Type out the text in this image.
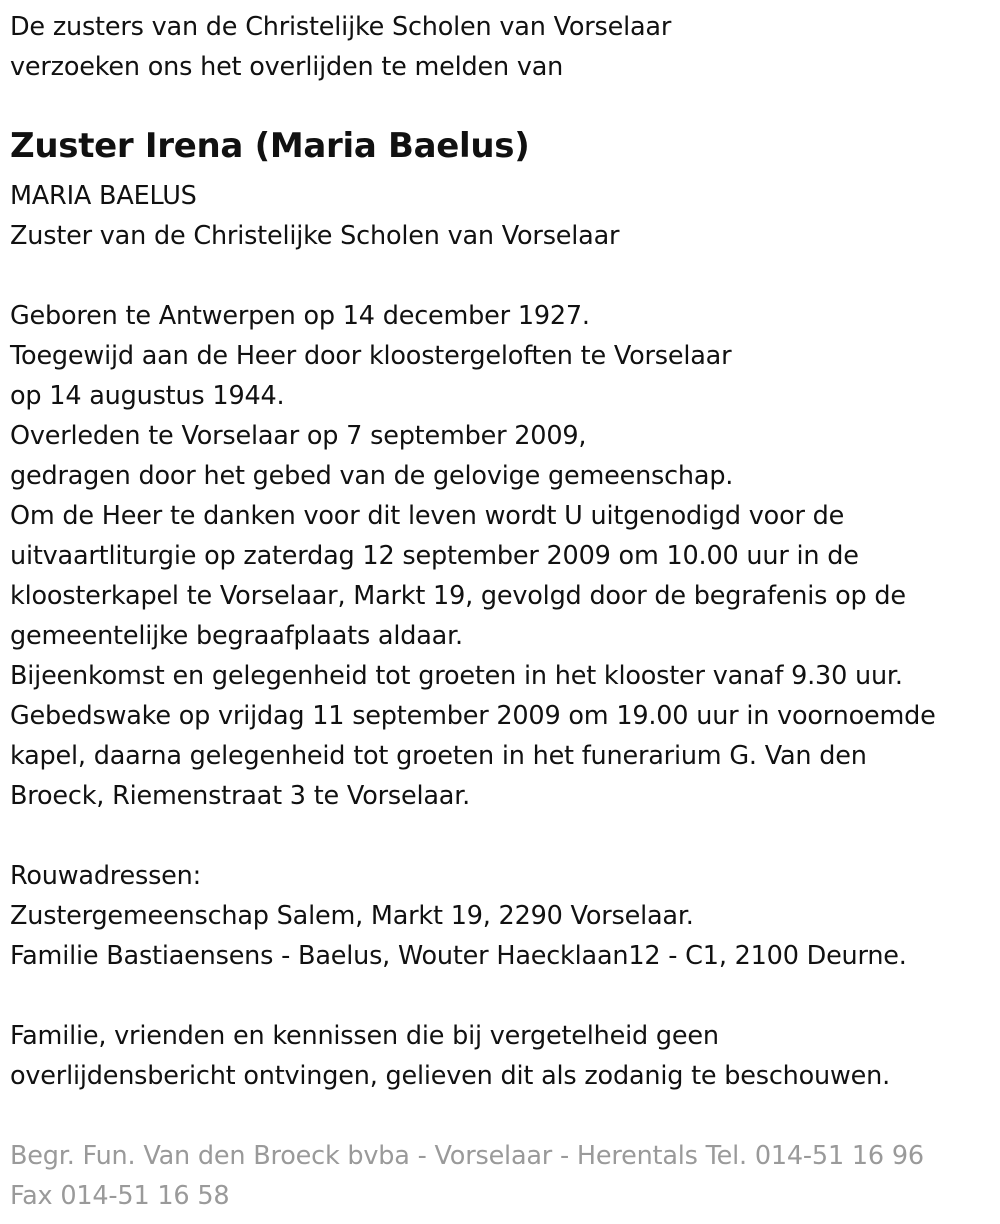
De zusters van de Christelijke Scholen van Vorselaar
verzoeken ons het overlijden te melden van
Zuster Irena (Maria Baelus)
MARIA BAELUS
Zuster van de Christelijke Scholen van Vorselaar
Geboren te Antwerpen op 14 december 1927.
Toegewijd aan de Heer door kloostergeloften te Vorselaar
op 14 augustus 1944.
Overleden te Vorselaar op 7 september 2009,
gedragen door het gebed van de gelovige gemeenschap.
Om de Heer te danken voor dit leven wordt U uitgenodigd voor de
uitvaartliturgie op zaterdag 12 september 2009 om 10.00 uur in de
kloosterkapel te Vorselaar, Markt 19, gevolgd door de begrafenis op de
gemeentelijke begraafplaats aldaar.
Bijeenkomst en gelegenheid tot groeten in het klooster vanaf 9.30 uur.
Gebedswake op vrijdag 11 september 2009 om 19.00 uur in voornoemde
kapel, daarna gelegenheid tot groeten in het funerarium G. Van den
Broeck, Riemenstraat 3 te Vorselaar.
Rouwadressen:
Zustergemeenschap Salem, Markt 19, 2290 Vorselaar.
Familie Bastiaensens - Baelus, Wouter Haecklaan12 - C1, 2100 Deurne.
Familie, vrienden en kennissen die bij vergetelheid geen
overlijdensbericht ontvingen, gelieven dit als zodanig te beschouwen.
Begr. Fun. Van den Broeck bvba - Vorselaar - Herentals Tel. 014-51 16 96
Fax 014-51 16 58
